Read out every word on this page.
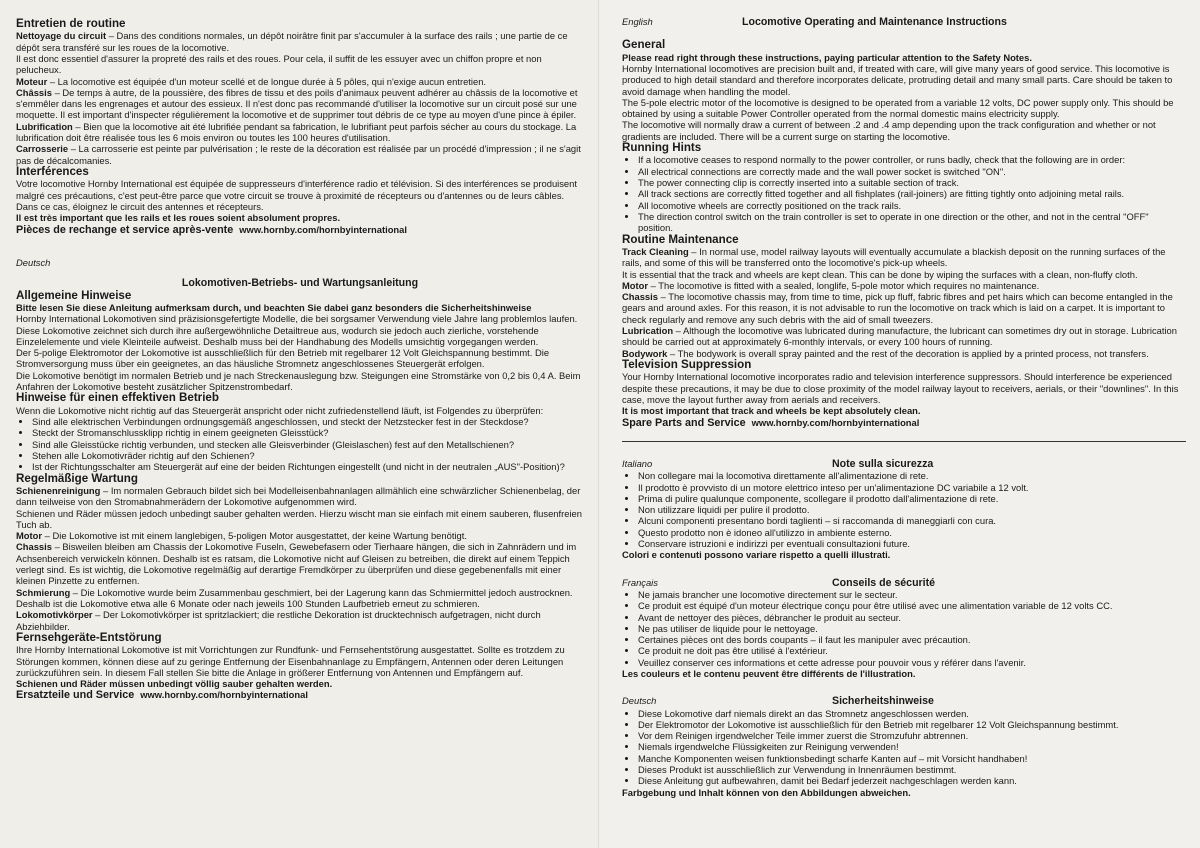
Entretien de routine

Nettoyage du circuit – Dans des conditions normales, un dépôt noirâtre finit par s'accumuler à la surface des rails ; une partie de ce dépôt sera transféré sur les roues de la locomotive.

Il est donc essentiel d'assurer la propreté des rails et des roues. Pour cela, il suffit de les essuyer avec un chiffon propre et non pelucheux.

Moteur – La locomotive est équipée d'un moteur scellé et de longue durée à 5 pôles, qui n'exige aucun entretien.

Châssis – De temps à autre, de la poussière, des fibres de tissu et des poils d'animaux peuvent adhérer au châssis de la locomotive et s'emmêler dans les engrenages et autour des essieux. Il n'est donc pas recommandé d'utiliser la locomotive sur un circuit posé sur une moquette. Il est important d'inspecter régulièrement la locomotive et de supprimer tout débris de ce type au moyen d'une pince à épiler.

Lubrification – Bien que la locomotive ait été lubrifiée pendant sa fabrication, le lubrifiant peut parfois sécher au cours du stockage. La lubrification doit être réalisée tous les 6 mois environ ou toutes les 100 heures d'utilisation.

Carrosserie – La carrosserie est peinte par pulvérisation ; le reste de la décoration est réalisée par un procédé d'impression ; il ne s'agit pas de décalcomanies.

Interférences

Votre locomotive Hornby International est équipée de suppresseurs d'interférence radio et télévision. Si des interférences se produisent malgré ces précautions, c'est peut-être parce que votre circuit se trouve à proximité de récepteurs ou d'antennes ou de leurs câbles. Dans ce cas, éloignez le circuit des antennes et récepteurs.

Il est très important que les rails et les roues soient absolument propres.

Pièces de rechange et service après-vente www.hornby.com/hornbyinternational

Deutsch

Lokomotiven-Betriebs- und Wartungsanleitung

Allgemeine Hinweise

Bitte lesen Sie diese Anleitung aufmerksam durch, und beachten Sie dabei ganz besonders die Sicherheitshinweise

Hornby International Lokomotiven sind präzisionsgefertigte Modelle, die bei sorgsamer Verwendung viele Jahre lang problemlos laufen. Diese Lokomotive zeichnet sich durch ihre außergewöhnliche Detailtreue aus, wodurch sie jedoch auch zierliche, vorstehende Einzelelemente und viele Kleinteile aufweist. Deshalb muss bei der Handhabung des Modells umsichtig vorgegangen werden.

Der 5-polige Elektromotor der Lokomotive ist ausschließlich für den Betrieb mit regelbarer 12 Volt Gleichspannung bestimmt. Die Stromversorgung muss über ein geeignetes, an das häusliche Stromnetz angeschlossenes Steuergerät erfolgen.

Die Lokomotive benötigt im normalen Betrieb und je nach Streckenauslegung bzw. Steigungen eine Stromstärke von 0,2 bis 0,4 A. Beim Anfahren der Lokomotive besteht zusätzlicher Spitzenstrombedarf.

Hinweise für einen effektiven Betrieb

Wenn die Lokomotive nicht richtig auf das Steuergerät anspricht oder nicht zufriedenstellend läuft, ist Folgendes zu überprüfen:

• Sind alle elektrischen Verbindungen ordnungsgemäß angeschlossen, und steckt der Netzstecker fest in der Steckdose?
• Steckt der Stromanschlussklipp richtig in einem geeigneten Gleisstück?
• Sind alle Gleisstücke richtig verbunden, und stecken alle Gleisverbinder (Gleislaschen) fest auf den Metallschienen?
• Stehen alle Lokomotivräder richtig auf den Schienen?
• Ist der Richtungsschalter am Steuergerät auf eine der beiden Richtungen eingestellt (und nicht in der neutralen „AUS"-Position)?
Regelmäßige Wartung

Schienenreinigung – Im normalen Gebrauch bildet sich bei Modelleisenbahnanlagen allmählich eine schwärzlicher Schienenbelag, der dann teilweise von den Stromabnahmerädern der Lokomotive aufgenommen wird.

Schienen und Räder müssen jedoch unbedingt sauber gehalten werden. Hierzu wischt man sie einfach mit einem sauberen, flusenfreien Tuch ab.

Motor – Die Lokomotive ist mit einem langlebigen, 5-poligen Motor ausgestattet, der keine Wartung benötigt.

Chassis – Bisweilen bleiben am Chassis der Lokomotive Fuseln, Gewebefasern oder Tierhaare hängen, die sich in Zahnrädern und im Achsenbereich verwickeln können. Deshalb ist es ratsam, die Lokomotive nicht auf Gleisen zu betreiben, die direkt auf einem Teppich verlegt sind. Es ist wichtig, die Lokomotive regelmäßig auf derartige Fremdkörper zu überprüfen und diese gegebenenfalls mit einer kleinen Pinzette zu entfernen.

Schmierung – Die Lokomotive wurde beim Zusammenbau geschmiert, bei der Lagerung kann das Schmiermittel jedoch austrocknen. Deshalb ist die Lokomotive etwa alle 6 Monate oder nach jeweils 100 Stunden Laufbetrieb erneut zu schmieren.

Lokomotivkörper – Der Lokomotivkörper ist spritzlackiert; die restliche Dekoration ist drucktechnisch aufgetragen, nicht durch Abziehbilder.

Fernsehgeräte-Entstörung

Ihre Hornby International Lokomotive ist mit Vorrichtungen zur Rundfunk- und Fernsehentstörung ausgestattet. Sollte es trotzdem zu Störungen kommen, können diese auf zu geringe Entfernung der Eisenbahnanlage zu Empfängern, Antennen oder deren Leitungen zurückzuführen sein. In diesem Fall stellen Sie bitte die Anlage in größerer Entfernung von Antennen und Empfängern auf.

Schienen und Räder müssen unbedingt völlig sauber gehalten werden.

Ersatzteile und Service www.hornby.com/hornbyinternational

English	Locomotive Operating and Maintenance Instructions

General

Please read right through these instructions, paying particular attention to the Safety Notes.

Hornby International locomotives are precision built and, if treated with care, will give many years of good service. This locomotive is produced to high detail standard and therefore incorporates delicate, protruding detail and many small parts. Care should be taken to avoid damage when handling the model.

The 5-pole electric motor of the locomotive is designed to be operated from a variable 12 volts, DC power supply only. This should be obtained by using a suitable Power Controller operated from the normal domestic mains electricity supply.

The locomotive will normally draw a current of between .2 and .4 amp depending upon the track configuration and whether or not gradients are included. There will be a current surge on starting the locomotive.

Running Hints
• If a locomotive ceases to respond normally to the power controller, or runs badly, check that the following are in order:
• All electrical connections are correctly made and the wall power socket is switched "ON".
• The power connecting clip is correctly inserted into a suitable section of track.
• All track sections are correctly fitted together and all fishplates (rail-joiners) are fitting tightly onto adjoining metal rails.
• All locomotive wheels are correctly positioned on the track rails.
• The direction control switch on the train controller is set to operate in one direction or the other, and not in the central "OFF" position.
Routine Maintenance

Track Cleaning – In normal use, model railway layouts will eventually accumulate a blackish deposit on the running surfaces of the rails, and some of this will be transferred onto the locomotive's pick-up wheels.

It is essential that the track and wheels are kept clean. This can be done by wiping the surfaces with a clean, non-fluffy cloth.

Motor – The locomotive is fitted with a sealed, longlife, 5-pole motor which requires no maintenance.

Chassis – The locomotive chassis may, from time to time, pick up fluff, fabric fibres and pet hairs which can become entangled in the gears and around axles. For this reason, it is not advisable to run the locomotive on track which is laid on a carpet. It is important to check regularly and remove any such debris with the aid of small tweezers.

Lubrication – Although the locomotive was lubricated during manufacture, the lubricant can sometimes dry out in storage. Lubrication should be carried out at approximately 6-monthly intervals, or every 100 hours of running.

Bodywork – The bodywork is overall spray painted and the rest of the decoration is applied by a printed process, not transfers.

Television Suppression

Your Hornby International locomotive incorporates radio and television interference suppressors. Should interference be experienced despite these precautions, it may be due to close proximity of the model railway layout to receivers, aerials, or their "downlines". In this case, move the layout further away from aerials and receivers.

It is most important that track and wheels be kept absolutely clean.

Spare Parts and Service www.hornby.com/hornbyinternational

Italiano	Note sulla sicurezza

• Non collegare mai la locomotiva direttamente all'alimentazione di rete.
• Il prodotto è provvisto di un motore elettrico inteso per un'alimentazione DC variabile a 12 volt.
• Prima di pulire qualunque componente, scollegare il prodotto dall'alimentazione di rete.
• Non utilizzare liquidi per pulire il prodotto.
• Alcuni componenti presentano bordi taglienti – si raccomanda di maneggiarli con cura.
• Questo prodotto non è idoneo all'utilizzo in ambiente esterno.
• Conservare istruzioni e indirizzi per eventuali consultazioni future.

Colori e contenuti possono variare rispetto a quelli illustrati.

Français	Conseils de sécurité

• Ne jamais brancher une locomotive directement sur le secteur.
• Ce produit est équipé d'un moteur électrique conçu pour être utilisé avec une alimentation variable de 12 volts CC.
• Avant de nettoyer des pièces, débrancher le produit au secteur.
• Ne pas utiliser de liquide pour le nettoyage.
• Certaines pièces ont des bords coupants – il faut les manipuler avec précaution.
• Ce produit ne doit pas être utilisé à l'extérieur.
• Veuillez conserver ces informations et cette adresse pour pouvoir vous y référer dans l'avenir.

Les couleurs et le contenu peuvent être différents de l'illustration.

Deutsch	Sicherheitshinweise

• Diese Lokomotive darf niemals direkt an das Stromnetz angeschlossen werden.
• Der Elektromotor der Lokomotive ist ausschließlich für den Betrieb mit regelbarer 12 Volt Gleichspannung bestimmt.
• Vor dem Reinigen irgendwelcher Teile immer zuerst die Stromzufuhr abtrennen.
• Niemals irgendwelche Flüssigkeiten zur Reinigung verwenden!
• Manche Komponenten weisen funktionsbedingt scharfe Kanten auf – mit Vorsicht handhaben!
• Dieses Produkt ist ausschließlich zur Verwendung in Innenräumen bestimmt.
• Diese Anleitung gut aufbewahren, damit bei Bedarf jederzeit nachgeschlagen werden kann.

Farbgebung und Inhalt können von den Abbildungen abweichen.
